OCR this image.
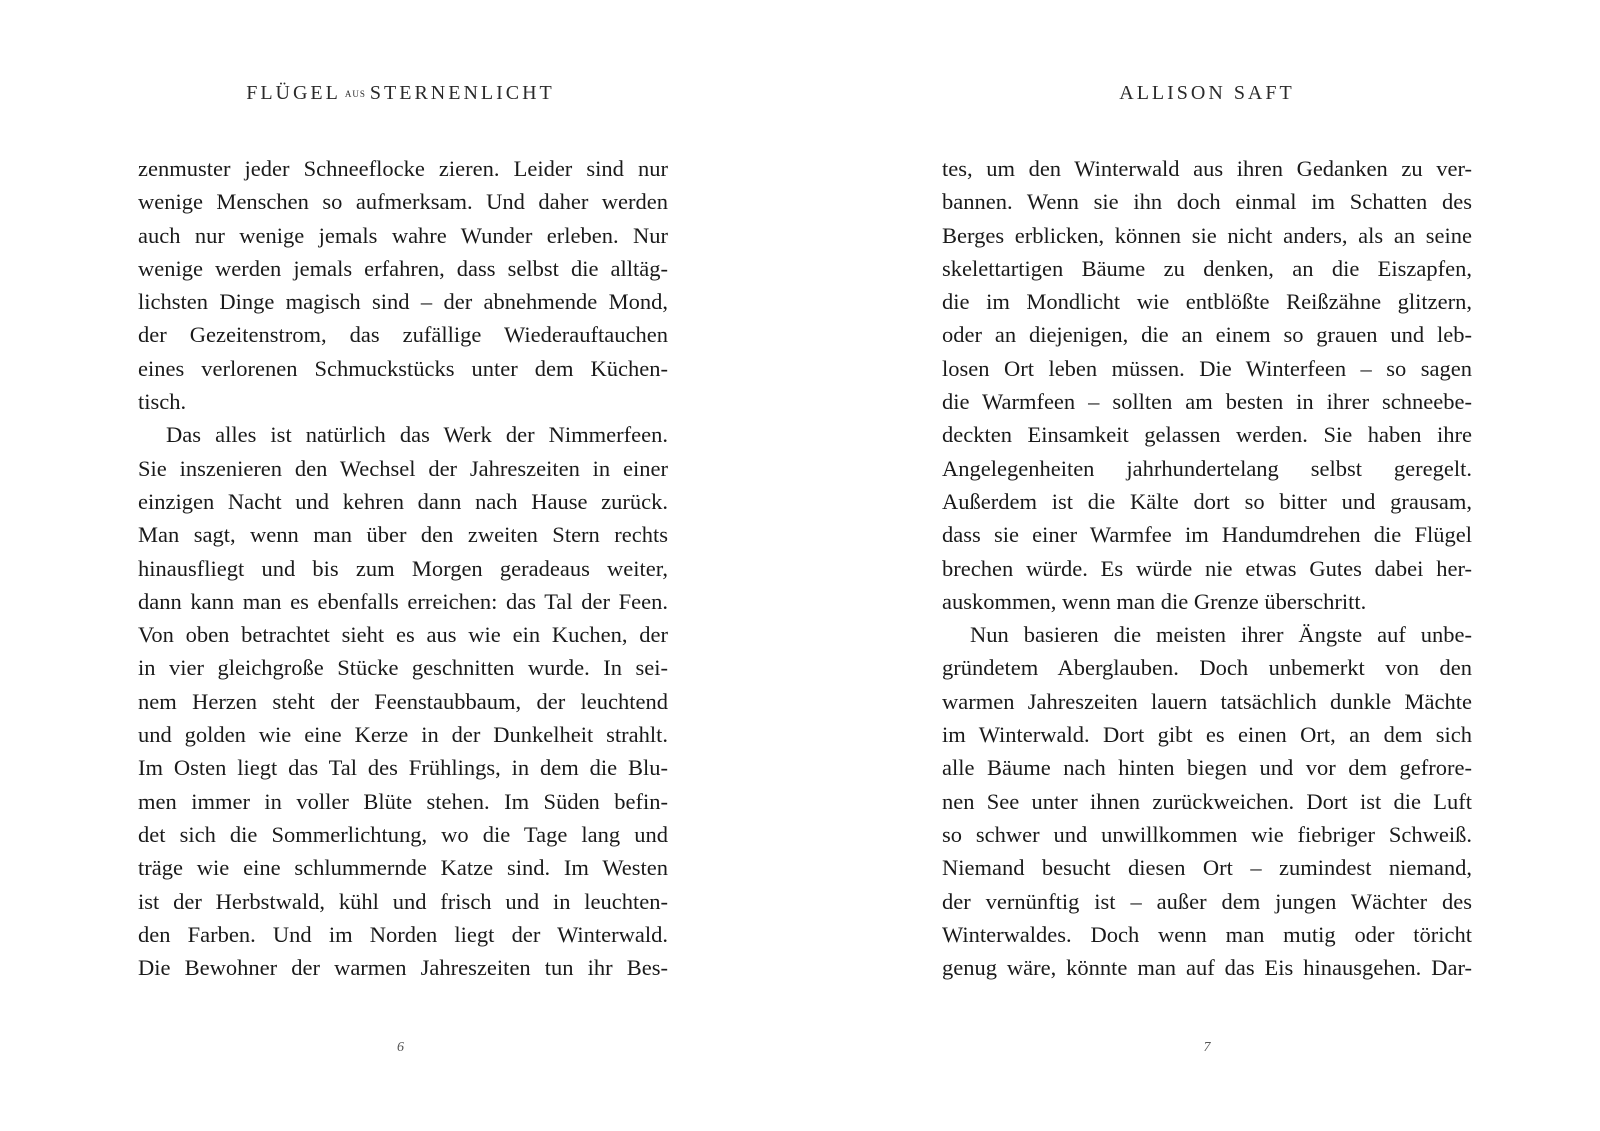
FLÜGEL AUS STERNENLICHT
zenmuster jeder Schneeflocke zieren. Leider sind nur
wenige Menschen so aufmerksam. Und daher werden
auch nur wenige jemals wahre Wunder erleben. Nur
wenige werden jemals erfahren, dass selbst die alltäg-
lichsten Dinge magisch sind – der abnehmende Mond,
der Gezeitenstrom, das zufällige Wiederauftauchen
eines verlorenen Schmuckstücks unter dem Küchen-
tisch.
Das alles ist natürlich das Werk der Nimmerfeen.
Sie inszenieren den Wechsel der Jahreszeiten in einer
einzigen Nacht und kehren dann nach Hause zurück.
Man sagt, wenn man über den zweiten Stern rechts
hinausfliegt und bis zum Morgen geradeaus weiter,
dann kann man es ebenfalls erreichen: das Tal der Feen.
Von oben betrachtet sieht es aus wie ein Kuchen, der
in vier gleichgroße Stücke geschnitten wurde. In sei-
nem Herzen steht der Feenstaubbaum, der leuchtend
und golden wie eine Kerze in der Dunkelheit strahlt.
Im Osten liegt das Tal des Frühlings, in dem die Blu-
men immer in voller Blüte stehen. Im Süden befin-
det sich die Sommerlichtung, wo die Tage lang und
träge wie eine schlummernde Katze sind. Im Westen
ist der Herbstwald, kühl und frisch und in leuchten-
den Farben. Und im Norden liegt der Winterwald.
Die Bewohner der warmen Jahreszeiten tun ihr Bes-
6
ALLISON SAFT
tes, um den Winterwald aus ihren Gedanken zu ver-
bannen. Wenn sie ihn doch einmal im Schatten des
Berges erblicken, können sie nicht anders, als an seine
skelettartigen Bäume zu denken, an die Eiszapfen,
die im Mondlicht wie entblößte Reißzähne glitzern,
oder an diejenigen, die an einem so grauen und leb-
losen Ort leben müssen. Die Winterfeen – so sagen
die Warmfeen – sollten am besten in ihrer schneebe-
deckten Einsamkeit gelassen werden. Sie haben ihre
Angelegenheiten jahrhundertelang selbst geregelt.
Außerdem ist die Kälte dort so bitter und grausam,
dass sie einer Warmfee im Handumdrehen die Flügel
brechen würde. Es würde nie etwas Gutes dabei her-
auskommen, wenn man die Grenze überschritt.
Nun basieren die meisten ihrer Ängste auf unbe-
gründetem Aberglauben. Doch unbemerkt von den
warmen Jahreszeiten lauern tatsächlich dunkle Mächte
im Winterwald. Dort gibt es einen Ort, an dem sich
alle Bäume nach hinten biegen und vor dem gefrore-
nen See unter ihnen zurückweichen. Dort ist die Luft
so schwer und unwillkommen wie fiebriger Schweiß.
Niemand besucht diesen Ort – zumindest niemand,
der vernünftig ist – außer dem jungen Wächter des
Winterwaldes. Doch wenn man mutig oder töricht
genug wäre, könnte man auf das Eis hinausgehen. Dar-
7
